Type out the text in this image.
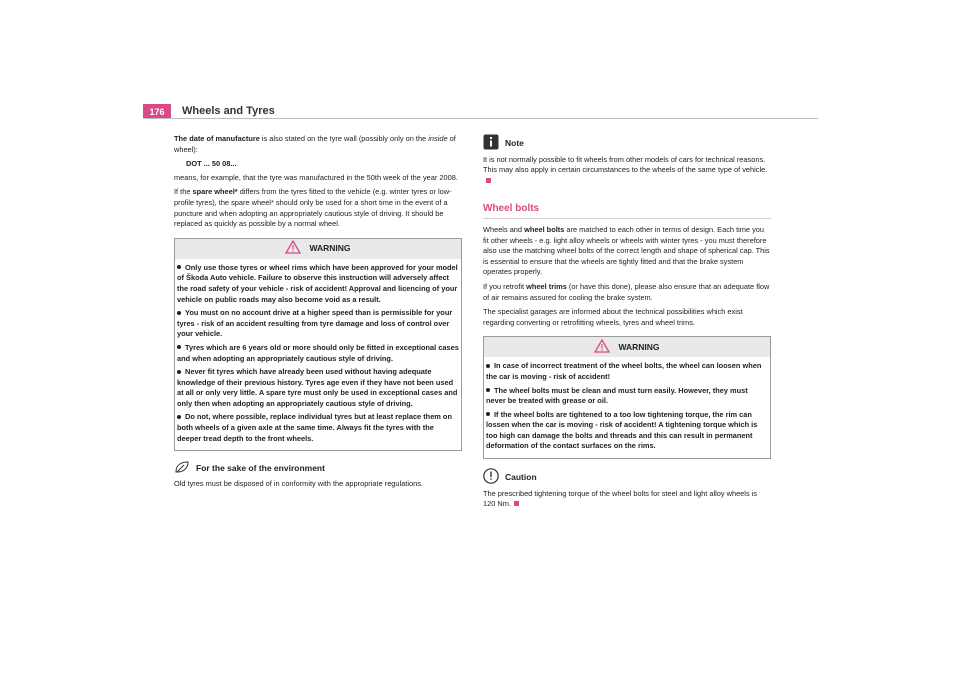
176	Wheels and Tyres

The date of manufacture is also stated on the tyre wall (possibly only on the inside of wheel):

DOT ... 50 08...

means, for example, that the tyre was manufactured in the 50th week of the year 2008.

If the spare wheel* differs from the tyres fitted to the vehicle (e.g. winter tyres or low-profile tyres), the spare wheel* should only be used for a short time in the event of a puncture and when adopting an appropriately cautious style of driving. It should be replaced as quickly as possible by a normal wheel.

WARNING
Only use those tyres or wheel rims which have been approved for your model of Škoda Auto vehicle. Failure to observe this instruction will adversely affect the road safety of your vehicle - risk of accident! Approval and licencing of your vehicle on public roads may also become void as a result.
You must on no account drive at a higher speed than is permissible for your tyres - risk of an accident resulting from tyre damage and loss of control over your vehicle.
Tyres which are 6 years old or more should only be fitted in exceptional cases and when adopting an appropriately cautious style of driving.
Never fit tyres which have already been used without having adequate knowledge of their previous history. Tyres age even if they have not been used at all or only very little. A spare tyre must only be used in exceptional cases and only then when adopting an appropriately cautious style of driving.
Do not, where possible, replace individual tyres but at least replace them on both wheels of a given axle at the same time. Always fit the tyres with the deeper tread depth to the front wheels.
For the sake of the environment

Old tyres must be disposed of in conformity with the appropriate regulations.

Note

It is not normally possible to fit wheels from other models of cars for technical reasons. This may also apply in certain circumstances to the wheels of the same type of vehicle.

Wheel bolts

Wheels and wheel bolts are matched to each other in terms of design. Each time you fit other wheels - e.g. light alloy wheels or wheels with winter tyres - you must therefore also use the matching wheel bolts of the correct length and shape of spherical cap. This is essential to ensure that the wheels are tightly fitted and that the brake system operates properly.

If you retrofit wheel trims (or have this done), please also ensure that an adequate flow of air remains assured for cooling the brake system.

The specialist garages are informed about the technical possibilities which exist regarding converting or retrofitting wheels, tyres and wheel trims.

WARNING
In case of incorrect treatment of the wheel bolts, the wheel can loosen when the car is moving - risk of accident!
The wheel bolts must be clean and must turn easily. However, they must never be treated with grease or oil.
If the wheel bolts are tightened to a too low tightening torque, the rim can lossen when the car is moving - risk of accident! A tightening torque which is too high can damage the bolts and threads and this can result in permanent deformation of the contact surfaces on the rims.
Caution

The prescribed tightening torque of the wheel bolts for steel and light alloy wheels is 120 Nm.
